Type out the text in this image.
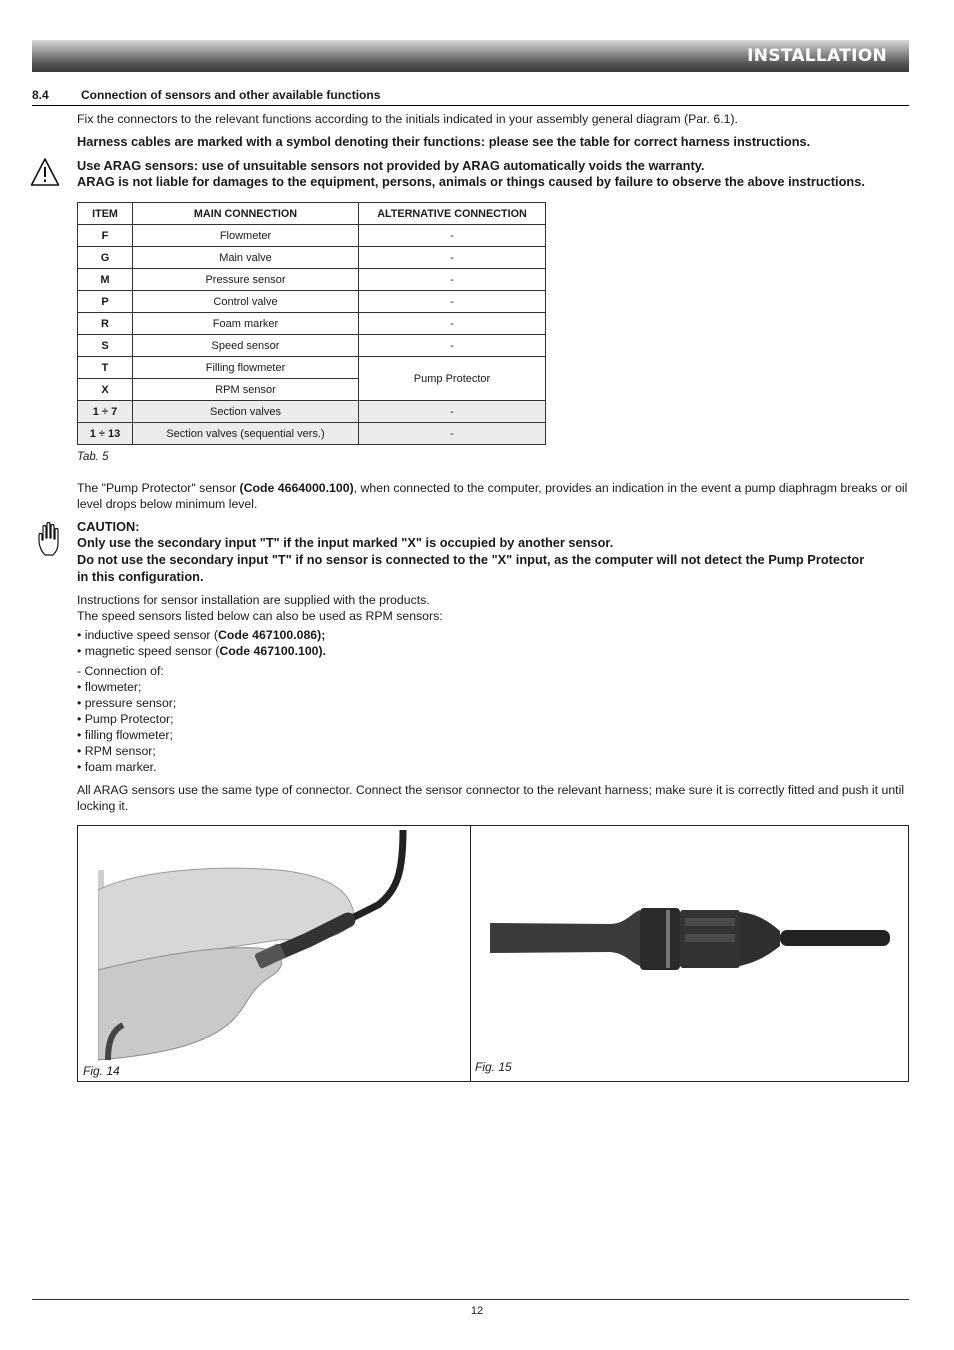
INSTALLATION
8.4	Connection of sensors and other available functions
Fix the connectors to the relevant functions according to the initials indicated in your assembly general diagram (Par. 6.1).
Harness cables are marked with a symbol denoting their functions: please see the table for correct harness instructions.
Use ARAG sensors: use of unsuitable sensors not provided by ARAG automatically voids the warranty.
ARAG is not liable for damages to the equipment, persons, animals or things caused by failure to observe the above instructions.
ITEM	MAIN CONNECTION	ALTERNATIVE CONNECTION
F	Flowmeter	-
G	Main valve	-
M	Pressure sensor	-
P	Control valve	-
R	Foam marker	-
S	Speed sensor	-
T	Filling flowmeter	Pump Protector
X	RPM sensor	
1 ÷ 7	Section valves	-
1 ÷ 13	Section valves (sequential vers.)	-
Tab. 5
The "Pump Protector" sensor (Code 4664000.100), when connected to the computer, provides an indication in the event a pump diaphragm breaks or oil level drops below minimum level.
CAUTION:
Only use the secondary input "T" if the input marked "X" is occupied by another sensor.
Do not use the secondary input "T" if no sensor is connected to the "X" input, as the computer will not detect the Pump Protector in this configuration.
Instructions for sensor installation are supplied with the products.
The speed sensors listed below can also be used as RPM sensors:
• inductive speed sensor (Code 467100.086);
• magnetic speed sensor (Code 467100.100).
- Connection of:
• flowmeter;
• pressure sensor;
• Pump Protector;
• filling flowmeter;
• RPM sensor;
• foam marker.
All ARAG sensors use the same type of connector. Connect the sensor connector to the relevant harness; make sure it is correctly fitted and push it until locking it.
Fig. 14	Fig. 15
12
